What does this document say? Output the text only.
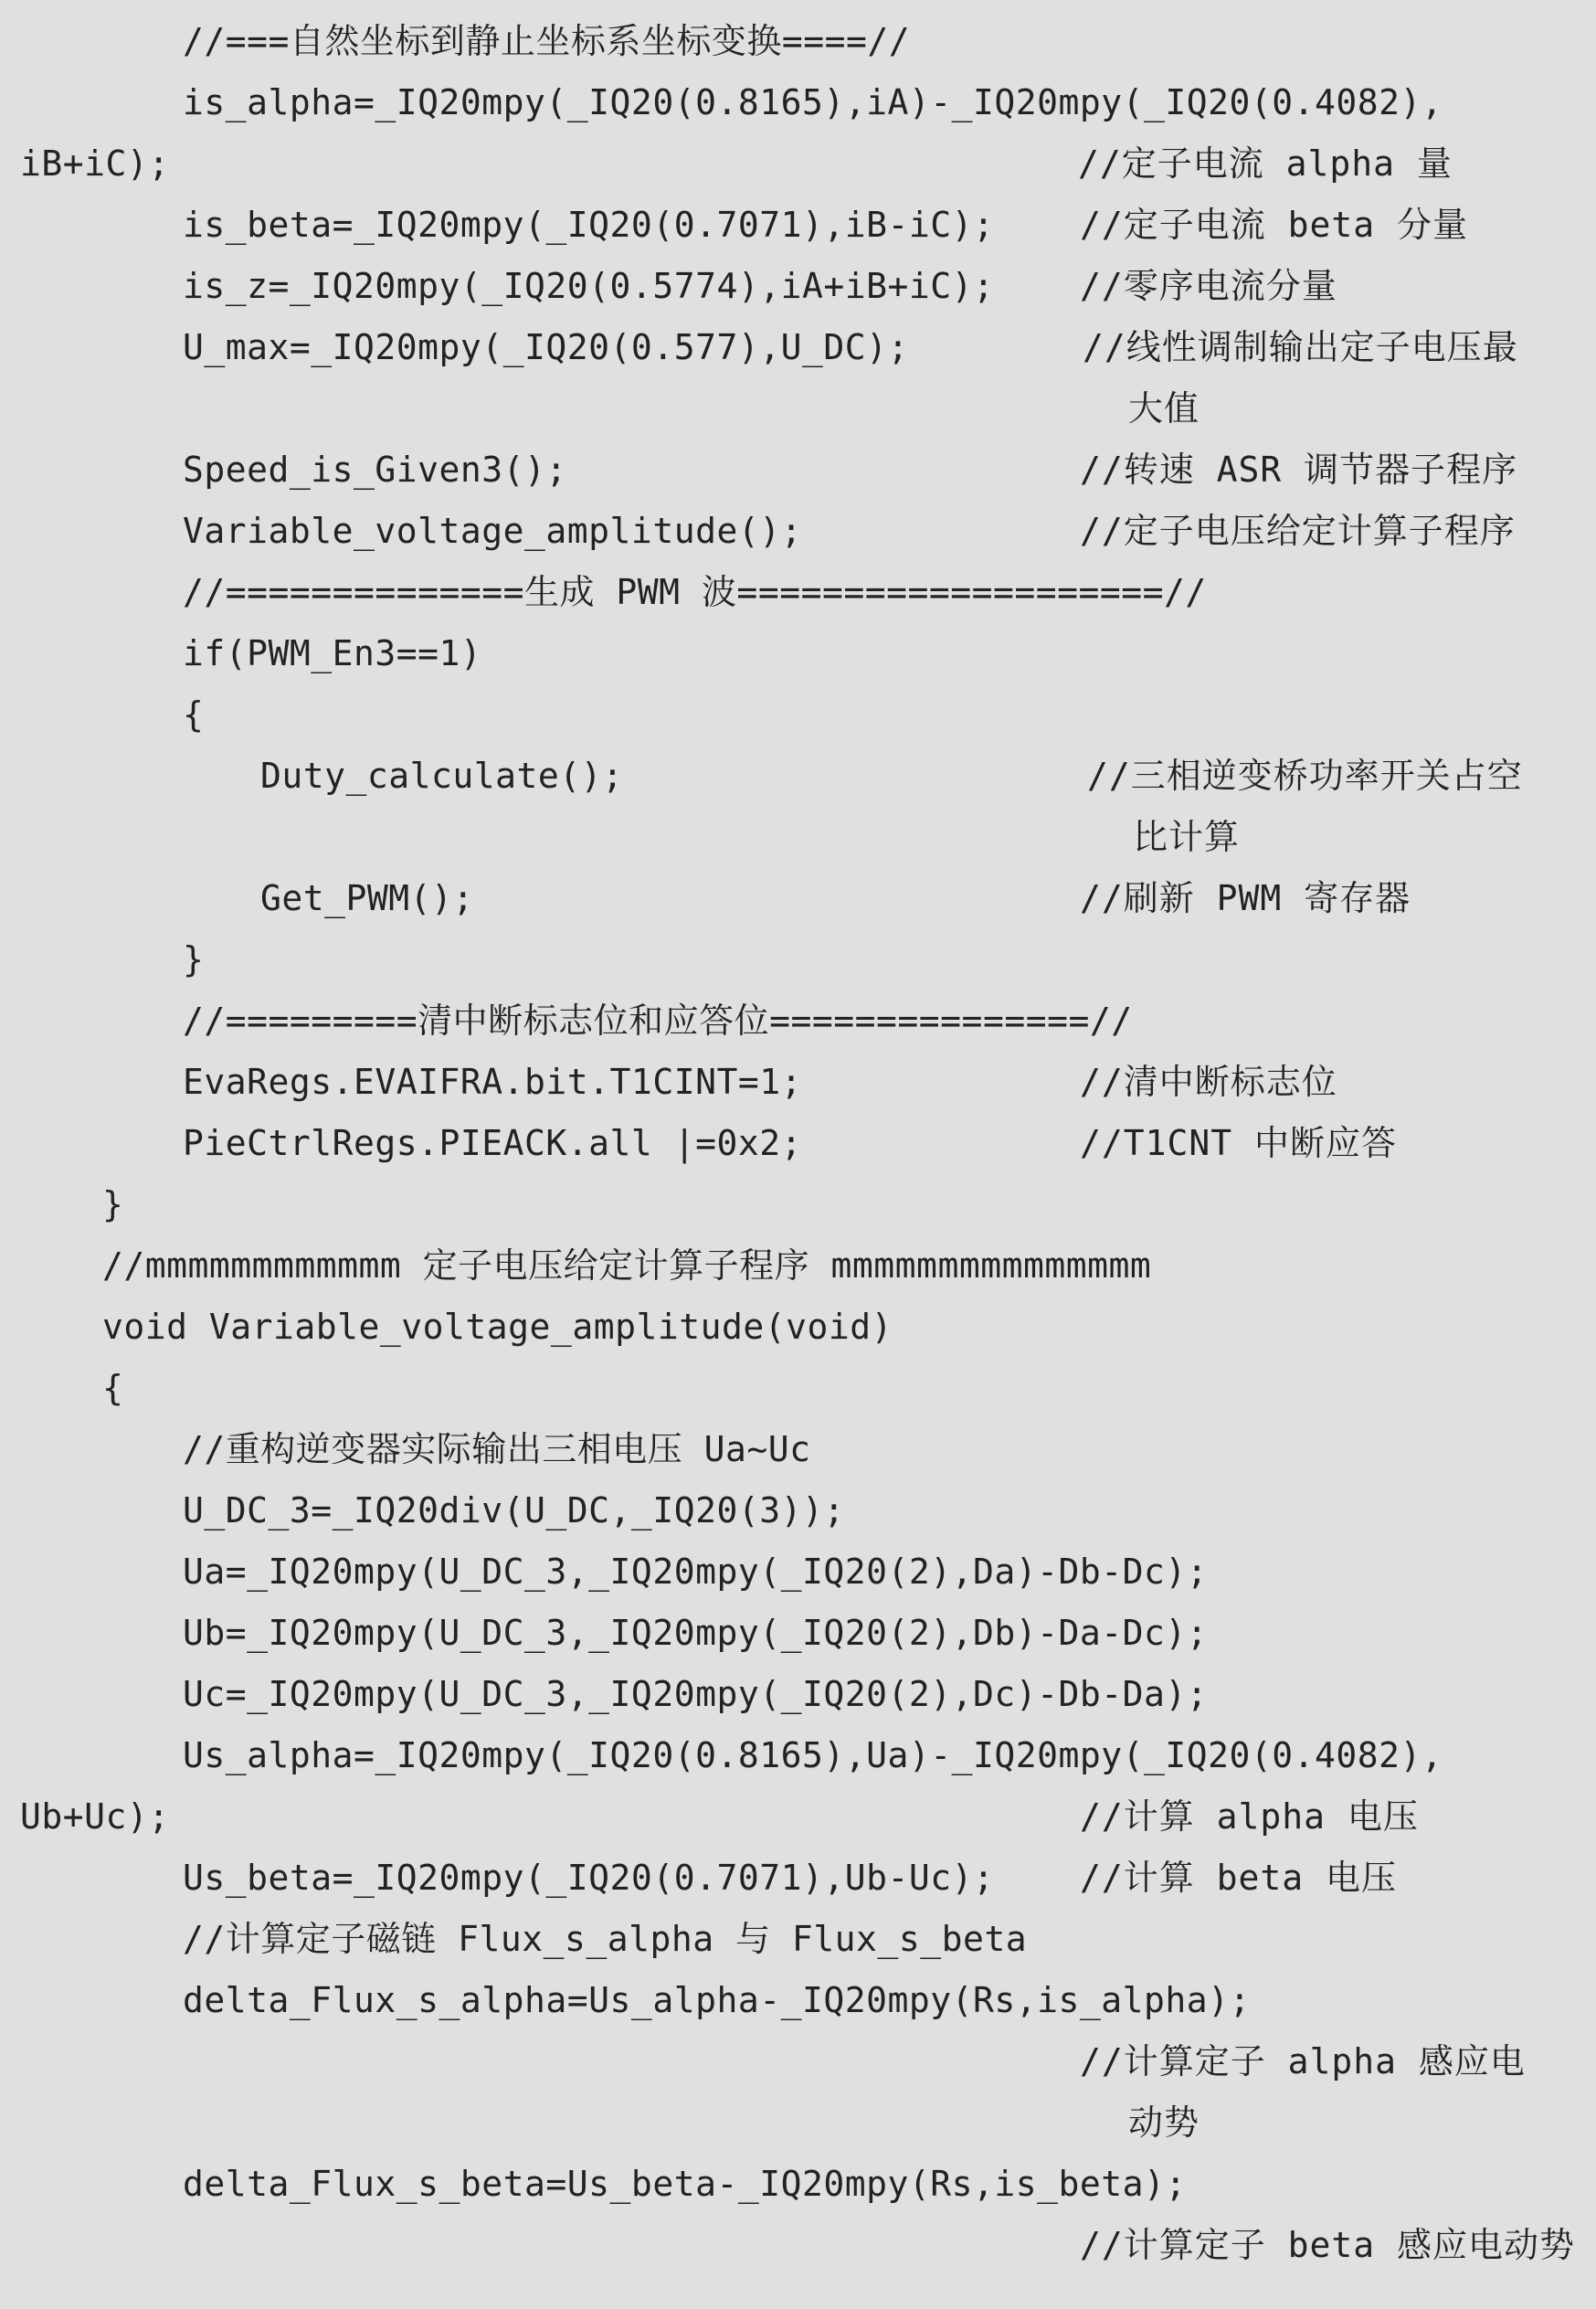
//===自然坐标到静止坐标系坐标变换====//
is_alpha=_IQ20mpy(_IQ20(0.8165),iA)-_IQ20mpy(_IQ20(0.4082),
iB+iC);	//定子电流 alpha 量
is_beta=_IQ20mpy(_IQ20(0.7071),iB-iC); //定子电流 beta 分量
is_z=_IQ20mpy(_IQ20(0.5774),iA+iB+iC); //零序电流分量
U_max=_IQ20mpy(_IQ20(0.577),U_DC);	//线性调制输出定子电压最
大值
Speed_is_Given3();	//转速 ASR 调节器子程序
Variable_voltage_amplitude();	//定子电压给定计算子程序
//==============生成 PWM 波====================//
if(PWM_En3==1)
{
Duty_calculate();	//三相逆变桥功率开关占空
比计算
Get_PWM();	//刷新 PWM 寄存器
}
//=========清中断标志位和应答位===============//
EvaRegs.EVAIFRA.bit.T1CINT=1;	//清中断标志位
PieCtrlRegs.PIEACK.all |=0x2;	//T1CNT 中断应答
}
//mmmmmmmmmmmm 定子电压给定计算子程序 mmmmmmmmmmmmmmm
void Variable_voltage_amplitude(void)
{
//重构逆变器实际输出三相电压 Ua~Uc
U_DC_3=_IQ20div(U_DC,_IQ20(3));
Ua=_IQ20mpy(U_DC_3,_IQ20mpy(_IQ20(2),Da)-Db-Dc);
Ub=_IQ20mpy(U_DC_3,_IQ20mpy(_IQ20(2),Db)-Da-Dc);
Uc=_IQ20mpy(U_DC_3,_IQ20mpy(_IQ20(2),Dc)-Db-Da);
Us_alpha=_IQ20mpy(_IQ20(0.8165),Ua)-_IQ20mpy(_IQ20(0.4082),
Ub+Uc);	//计算 alpha 电压
Us_beta=_IQ20mpy(_IQ20(0.7071),Ub-Uc); //计算 beta 电压
//计算定子磁链 Flux_s_alpha 与 Flux_s_beta
delta_Flux_s_alpha=Us_alpha-_IQ20mpy(Rs,is_alpha);
//计算定子 alpha 感应电
动势
delta_Flux_s_beta=Us_beta-_IQ20mpy(Rs,is_beta);
//计算定子 beta 感应电动势
